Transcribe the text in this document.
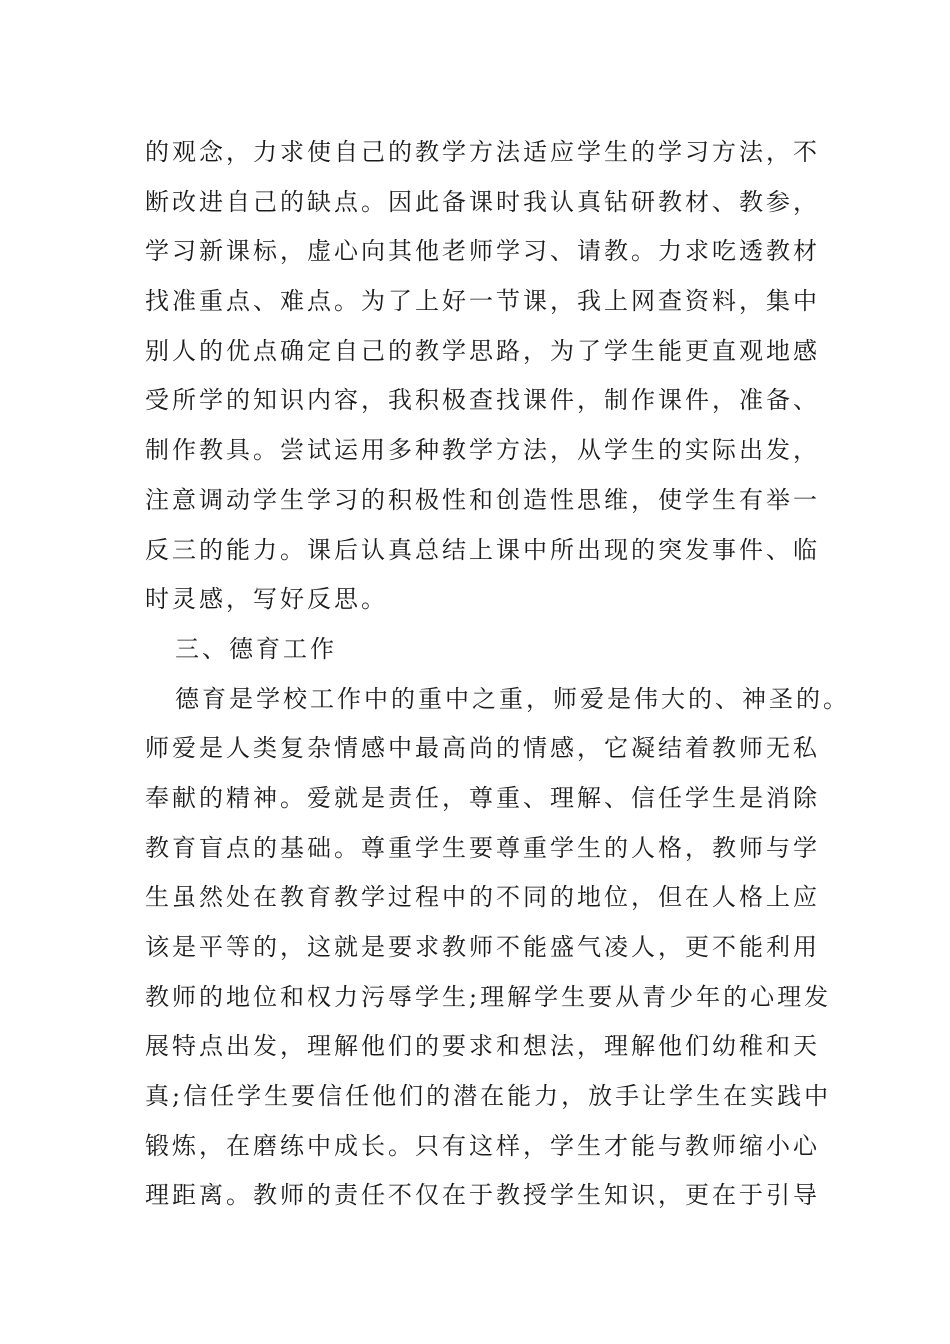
的观念，力求使自己的教学方法适应学生的学习方法，不
断改进自己的缺点。因此备课时我认真钻研教材、教参，
学习新课标，虚心向其他老师学习、请教。力求吃透教材
找准重点、难点。为了上好一节课，我上网查资料，集中
别人的优点确定自己的教学思路，为了学生能更直观地感
受所学的知识内容，我积极查找课件，制作课件，准备、
制作教具。尝试运用多种教学方法，从学生的实际出发，
注意调动学生学习的积极性和创造性思维，使学生有举一
反三的能力。课后认真总结上课中所出现的突发事件、临
时灵感，写好反思。
三、德育工作
德育是学校工作中的重中之重，师爱是伟大的、神圣的。
师爱是人类复杂情感中最高尚的情感，它凝结着教师无私
奉献的精神。爱就是责任，尊重、理解、信任学生是消除
教育盲点的基础。尊重学生要尊重学生的人格，教师与学
生虽然处在教育教学过程中的不同的地位，但在人格上应
该是平等的，这就是要求教师不能盛气凌人，更不能利用
教师的地位和权力污辱学生;理解学生要从青少年的心理发
展特点出发，理解他们的要求和想法，理解他们幼稚和天
真;信任学生要信任他们的潜在能力，放手让学生在实践中
锻炼，在磨练中成长。只有这样，学生才能与教师缩小心
理距离。教师的责任不仅在于教授学生知识，更在于引导
